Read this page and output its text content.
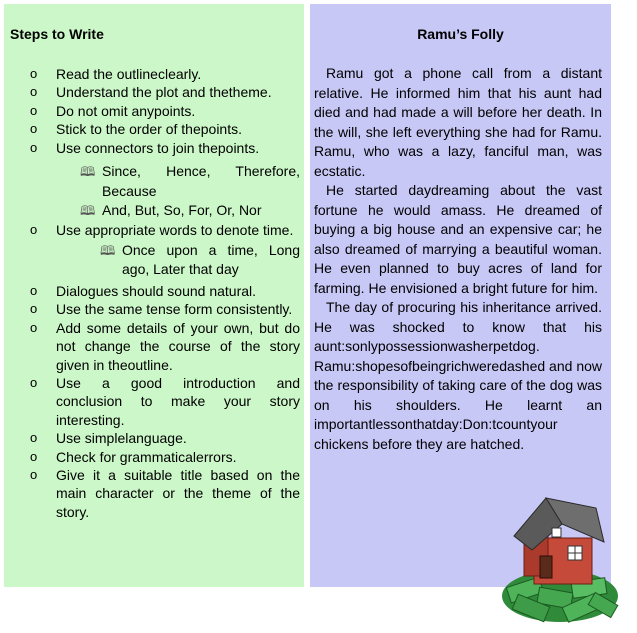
Steps to Write
o Read the outlineclearly.
o Understand the plot and thetheme.
o Do not omit anypoints.
o Stick to the order of thepoints.
o Use connectors to join thepoints.
🕮 Since, Hence, Therefore, Because
🕮 And, But, So, For, Or, Nor
o Use appropriate words to denote time.
🕮 Once upon a time, Long ago, Later that day
o Dialogues should sound natural.
o Use the same tense form consistently.
o Add some details of your own, but do not change the course of the story given in theoutline.
o Use a good introduction and conclusion to make your story interesting.
o Use simplelanguage.
o Check for grammaticalerrors.
o Give it a suitable title based on the main character or the theme of the story.
Ramu’s Folly

Ramu got a phone call from a distant relative. He informed him that his aunt had died and had made a will before her death. In the will, she left everything she had for Ramu. Ramu, who was a lazy, fanciful man, was ecstatic.

He started daydreaming about the vast fortune he would amass. He dreamed of buying a big house and an expensive car; he also dreamed of marrying a beautiful woman. He even planned to buy acres of land for farming. He envisioned a bright future for him.

The day of procuring his inheritance arrived. He was shocked to know that his aunt:sonlypossessionwasherpetdog. Ramu:shopesofbeingrichweredashed and now the responsibility of taking care of the dog was on his shoulders. He learnt an importantlessonthatday:Don:tcountyour chickens before they are hatched.
